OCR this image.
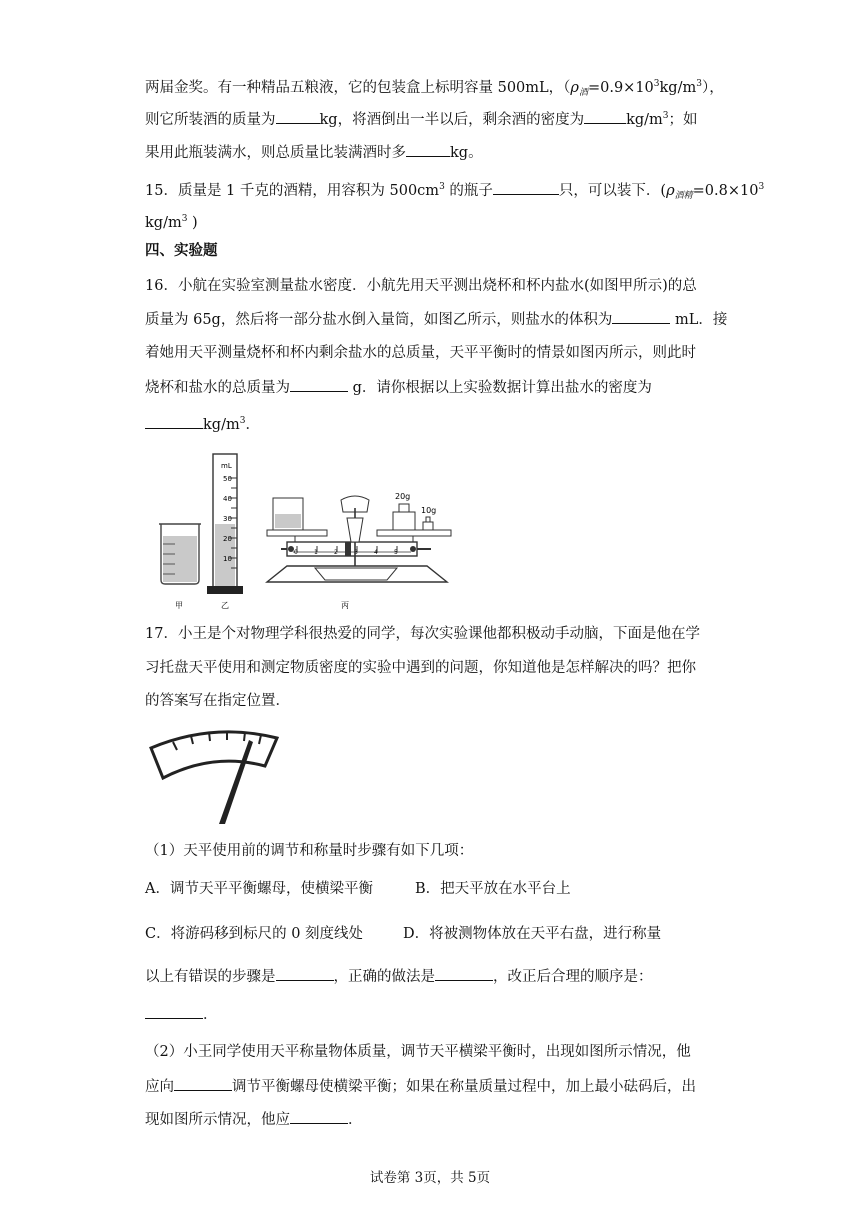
两届金奖。有一种精品五粮液，它的包装盒上标明容量 500mL，$(\rho_酒=0.9\times 10^3kg/m^3)$，
则它所装酒的质量为	kg，将酒倒出一半以后，剩余酒的密度为	$kg/m^3$；如
果用此瓶装满水，则总质量比装满酒时多	kg。
15．质量是 1 千克的酒精，用容积为 $500cm^3$ 的瓶子	只，可以装下．($\rho_{酒精}=0.8\times 10^3$
$kg/m^3$ )
四、实验题
16．小航在实验室测量盐水密度．小航先用天平测出烧杯和杯内盐水(如图甲所示)的总
质量为 65g，然后将一部分盐水倒入量筒，如图乙所示，则盐水的体积为	mL．接
着她用天平测量烧杯和杯内剩余盐水的总质量，天平平衡时的情景如图丙所示，则此时
烧杯和盐水的总质量为	g．请你根据以上实验数据计算出盐水的密度为
$kg/m^3$．
mL
50
40
30
20
10
0	1	2	3	4	5
20g
10g
甲	乙	丙
17．小王是个对物理学科很热爱的同学，每次实验课他都积极动手动脑，下面是他在学
习托盘天平使用和测定物质密度的实验中遇到的问题，你知道他是怎样解决的吗？把你
的答案写在指定位置．
（1）天平使用前的调节和称量时步骤有如下几项：
A．调节天平平衡螺母，使横梁平衡	B．把天平放在水平台上
C．将游码移到标尺的 0 刻度线处	D．将被测物体放在天平右盘，进行称量
以上有错误的步骤是	，正确的做法是	，改正后合理的顺序是：
．
（2）小王同学使用天平称量物体质量，调节天平横梁平衡时，出现如图所示情况，他
应向	调节平衡螺母使横梁平衡；如果在称量质量过程中，加上最小砝码后，出
现如图所示情况，他应	．
试卷第 3页，共 5页
